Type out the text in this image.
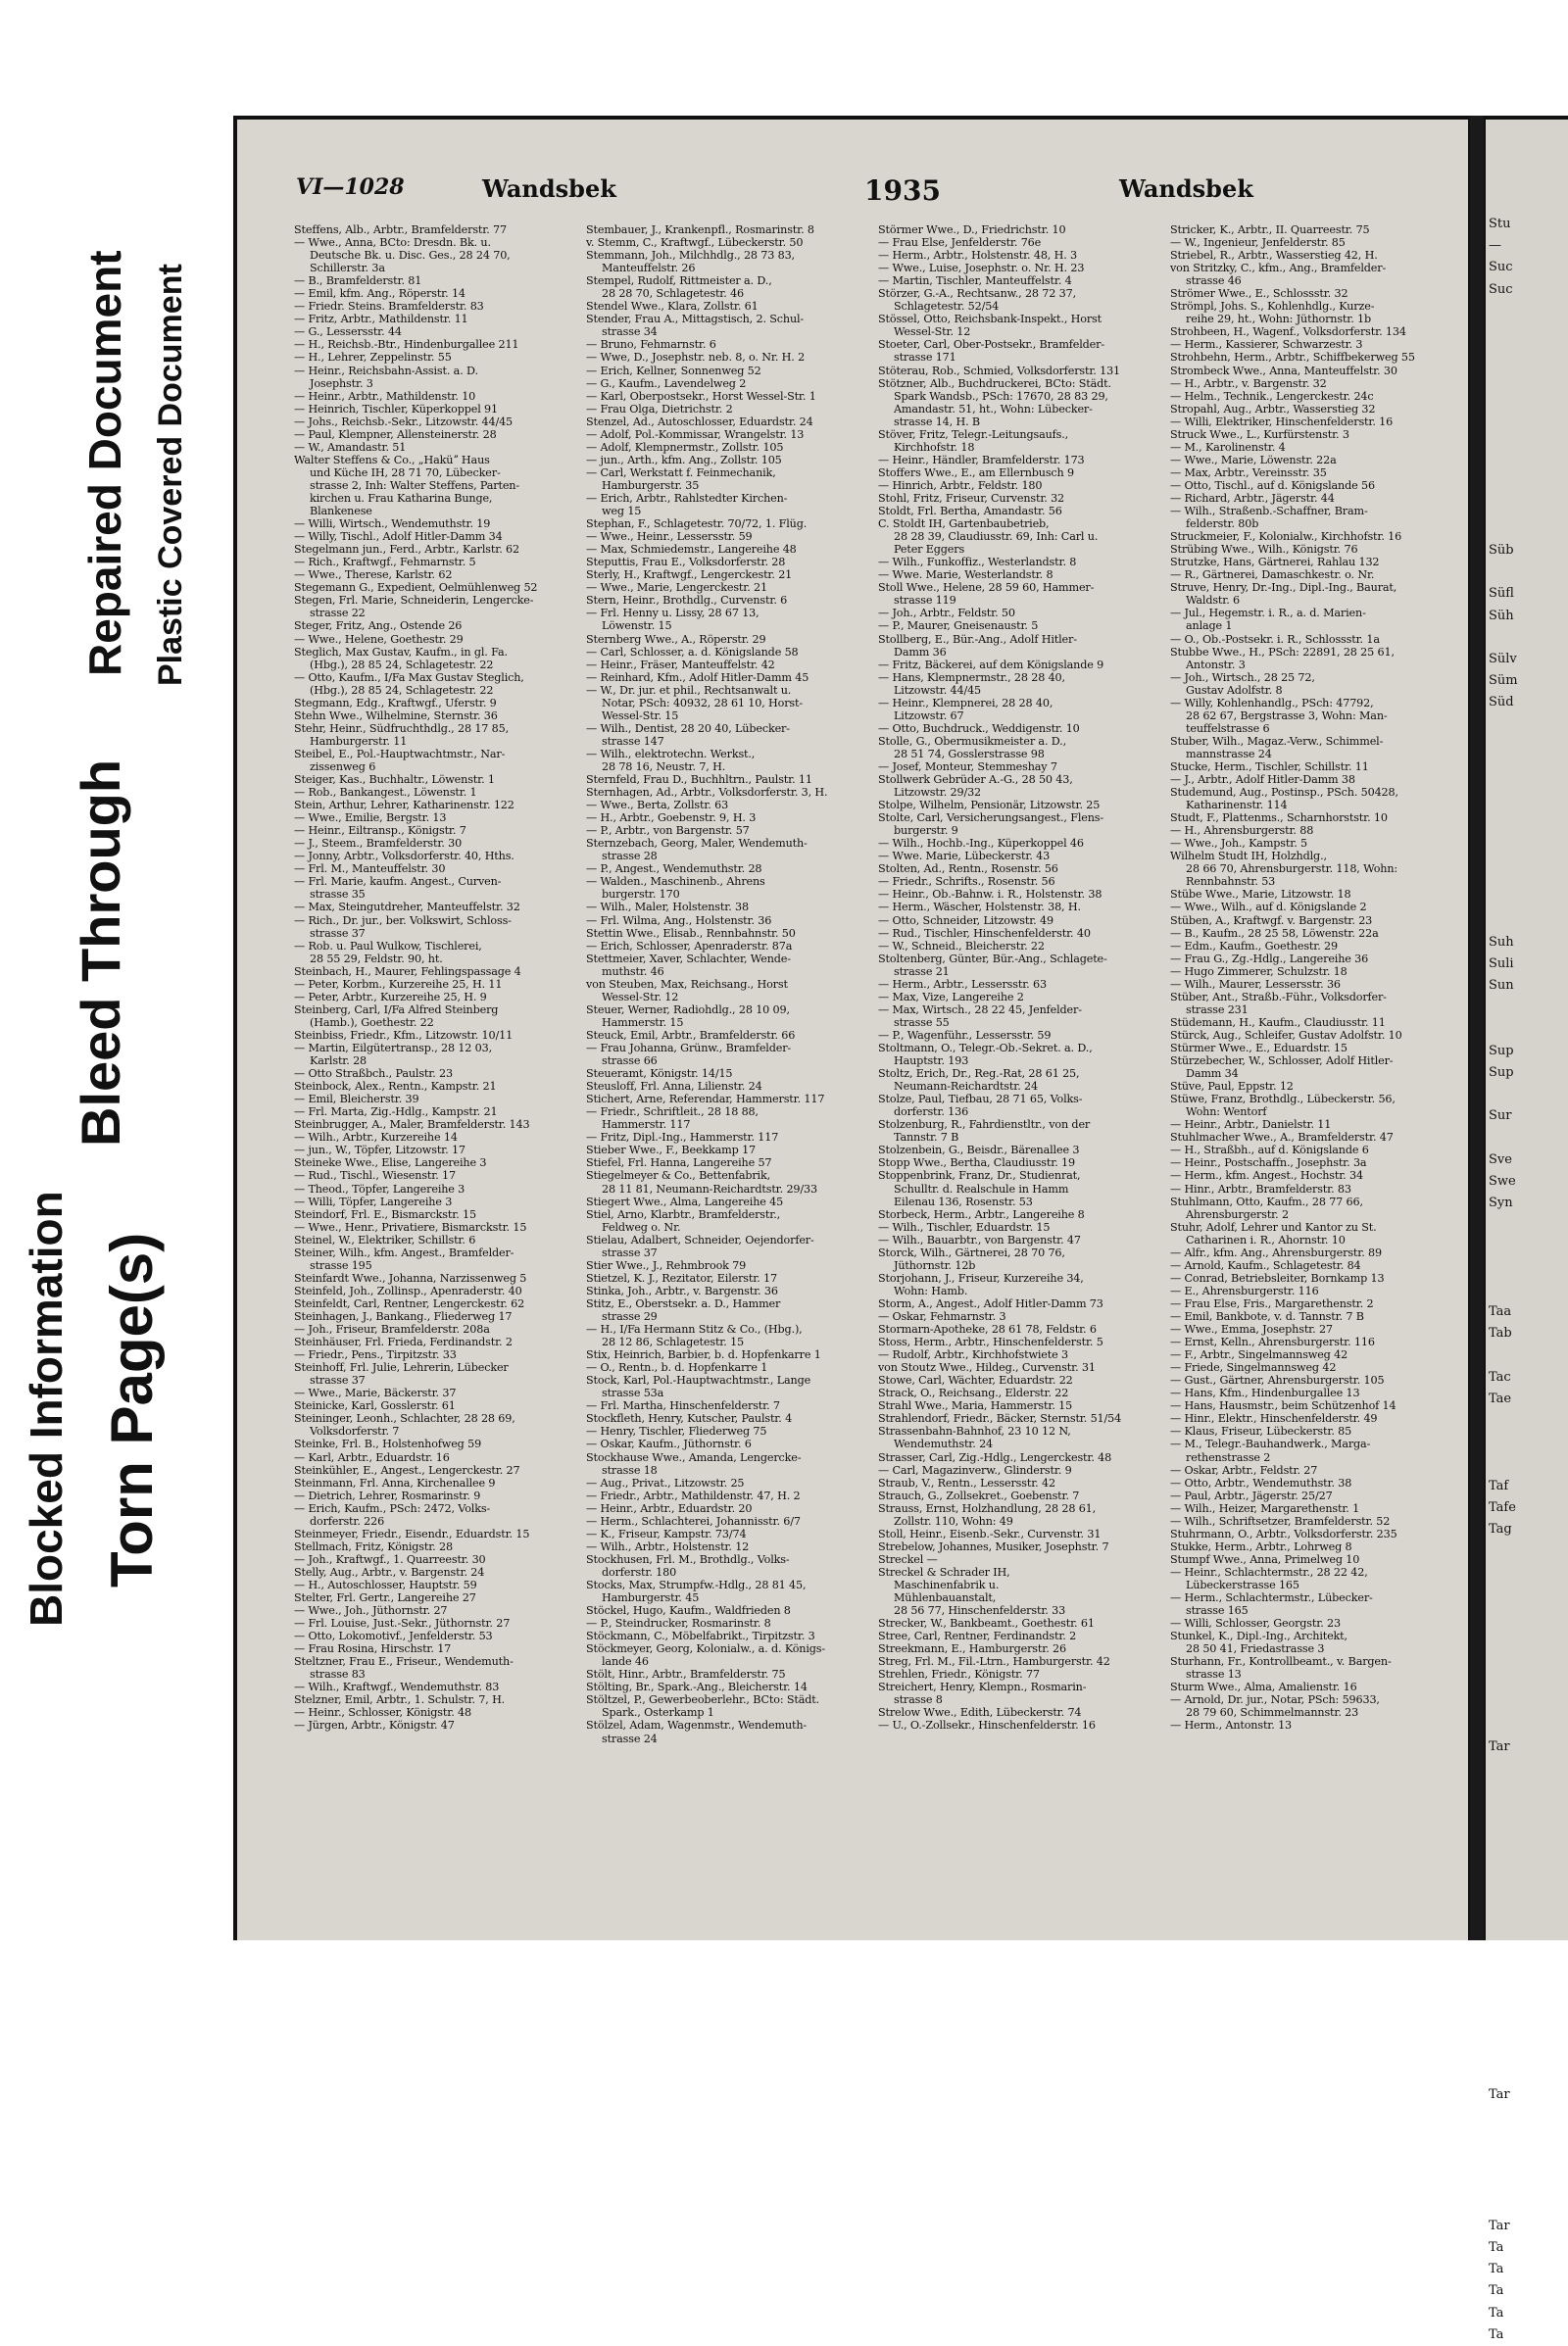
Blocked Information Torn Page(s)
Bleed Through
Repaired Document Plastic Covered Document
VI—1028	Wandsbek	1935	Wandsbek
Steffens, Alb., Arbtr., Bramfelderstr. 77
— Wwe., Anna, BCto: Dresdn. Bk. u.
Deutsche Bk. u. Disc. Ges., 28 24 70,
Schillerstr. 3a
— B., Bramfelderstr. 81
— Emil, kfm. Ang., Röperstr. 14
— Friedr. Steins. Bramfelderstr. 83
— Fritz, Arbtr., Mathildenstr. 11
— G., Lessersstr. 44
— H., Reichsb.-Btr., Hindenburgallee 211
— H., Lehrer, Zeppelinstr. 55
— Heinr., Reichsbahn-Assist. a. D.
Josephstr. 3
— Heinr., Arbtr., Mathildenstr. 10
— Heinrich, Tischler, Küperkoppel 91
— Johs., Reichsb.-Sekr., Litzowstr. 44/45
— Paul, Klempner, Allensteinerstr. 28
— W., Amandastr. 51
Walter Steffens & Co., „Haküˮ Haus
und Küche IH, 28 71 70, Lübecker-
strasse 2, Inh: Walter Steffens, Parten-
kirchen u. Frau Katharina Bunge,
Blankenese
— Willi, Wirtsch., Wendemuthstr. 19
— Willy, Tischl., Adolf Hitler-Damm 34
Stegelmann jun., Ferd., Arbtr., Karlstr. 62
— Rich., Kraftwgf., Fehmarnstr. 5
— Wwe., Therese, Karlstr. 62
Stegemann G., Expedient, Oelmühlenweg 52
Stegen, Frl. Marie, Schneiderin, Lengercke-
strasse 22
Steger, Fritz, Ang., Ostende 26
— Wwe., Helene, Goethestr. 29
Steglich, Max Gustav, Kaufm., in gl. Fa.
(Hbg.), 28 85 24, Schlagetestr. 22
— Otto, Kaufm., I/Fa Max Gustav Steglich,
(Hbg.), 28 85 24, Schlagetestr. 22
Stegmann, Edg., Kraftwgf., Uferstr. 9
Stehn Wwe., Wilhelmine, Sternstr. 36
Stehr, Heinr., Südfruchthdlg., 28 17 85,
Hamburgerstr. 11
Steibel, E., Pol.-Hauptwachtmstr., Nar-
zissenweg 6
Steiger, Kas., Buchhaltr., Löwenstr. 1
— Rob., Bankangest., Löwenstr. 1
Stein, Arthur, Lehrer, Katharinenstr. 122
— Wwe., Emilie, Bergstr. 13
— Heinr., Eiltransp., Königstr. 7
— J., Steem., Bramfelderstr. 30
— Jonny, Arbtr., Volksdorferstr. 40, Hths.
— Frl. M., Manteuffelstr. 30
— Frl. Marie, kaufm. Angest., Curven-
strasse 35
— Max, Steingutdreher, Manteuffelstr. 32
— Rich., Dr. jur., ber. Volkswirt, Schloss-
strasse 37
— Rob. u. Paul Wulkow, Tischlerei,
28 55 29, Feldstr. 90, ht.
Steinbach, H., Maurer, Fehlingspassage 4
— Peter, Korbm., Kurzereihe 25, H. 11
— Peter, Arbtr., Kurzereihe 25, H. 9
Steinberg, Carl, I/Fa Alfred Steinberg
(Hamb.), Goethestr. 22
Steinbiss, Friedr., Kfm., Litzowstr. 10/11
— Martin, Eilgütertransp., 28 12 03,
Karlstr. 28
— Otto Straßbch., Paulstr. 23
Steinbock, Alex., Rentn., Kampstr. 21
— Emil, Bleicherstr. 39
— Frl. Marta, Zig.-Hdlg., Kampstr. 21
Steinbrugger, A., Maler, Bramfelderstr. 143
— Wilh., Arbtr., Kurzereihe 14
— jun., W., Töpfer, Litzowstr. 17
Steineke Wwe., Elise, Langereihe 3
— Rud., Tischl., Wiesenstr. 17
— Theod., Töpfer, Langereihe 3
— Willi, Töpfer, Langereihe 3
Steindorf, Frl. E., Bismarckstr. 15
— Wwe., Henr., Privatiere, Bismarckstr. 15
Steinel, W., Elektriker, Schillstr. 6
Steiner, Wilh., kfm. Angest., Bramfelder-
strasse 195
Steinfardt Wwe., Johanna, Narzissenweg 5
Steinfeld, Joh., Zollinsp., Apenraderstr. 40
Steinfeldt, Carl, Rentner, Lengerckestr. 62
Steinhagen, J., Bankang., Fliederweg 17
— Joh., Friseur, Bramfelderstr. 208a
Steinhäuser, Frl. Frieda, Ferdinandstr. 2
— Friedr., Pens., Tirpitzstr. 33
Steinhoff, Frl. Julie, Lehrerin, Lübecker
strasse 37
— Wwe., Marie, Bäckerstr. 37
Steinicke, Karl, Gosslerstr. 61
Steininger, Leonh., Schlachter, 28 28 69,
Volksdorferstr. 7
Steinke, Frl. B., Holstenhofweg 59
— Karl, Arbtr., Eduardstr. 16
Steinkühler, E., Angest., Lengerckestr. 27
Steinmann, Frl. Anna, Kirchenallee 9
— Dietrich, Lehrer, Rosmarinstr. 9
— Erich, Kaufm., PSch: 2472, Volks-
dorferstr. 226
Steinmeyer, Friedr., Eisendr., Eduardstr. 15
Stellmach, Fritz, Königstr. 28
— Joh., Kraftwgf., 1. Quarreestr. 30
Stelly, Aug., Arbtr., v. Bargenstr. 24
— H., Autoschlosser, Hauptstr. 59
Stelter, Frl. Gertr., Langereihe 27
— Wwe., Joh., Jüthornstr. 27
— Frl. Louise, Just.-Sekr., Jüthornstr. 27
— Otto, Lokomotivf., Jenfelderstr. 53
— Frau Rosina, Hirschstr. 17
Steltzner, Frau E., Friseur., Wendemuth-
strasse 83
— Wilh., Kraftwgf., Wendemuthstr. 83
Stelzner, Emil, Arbtr., 1. Schulstr. 7, H.
— Heinr., Schlosser, Königstr. 48
— Jürgen, Arbtr., Königstr. 47
Stembauer, J., Krankenpfl., Rosmarinstr. 8
v. Stemm, C., Kraftwgf., Lübeckerstr. 50
Stemmann, Joh., Milchhdlg., 28 73 83,
Manteuffelstr. 26
Stempel, Rudolf, Rittmeister a. D.,
28 28 70, Schlagetestr. 46
Stendel Wwe., Klara, Zollstr. 61
Stender, Frau A., Mittagstisch, 2. Schul-
strasse 34
— Bruno, Fehmarnstr. 6
— Wwe, D., Josephstr. neb. 8, o. Nr. H. 2
— Erich, Kellner, Sonnenweg 52
— G., Kaufm., Lavendelweg 2
— Karl, Oberpostsekr., Horst Wessel-Str. 1
— Frau Olga, Dietrichstr. 2
Stenzel, Ad., Autoschlosser, Eduardstr. 24
— Adolf, Pol.-Kommissar, Wrangelstr. 13
— Adolf, Klempnermstr., Zollstr. 105
— jun., Arth., kfm. Ang., Zollstr. 105
— Carl, Werkstatt f. Feinmechanik,
Hamburgerstr. 35
— Erich, Arbtr., Rahlstedter Kirchen-
weg 15
Stephan, F., Schlagetestr. 70/72, 1. Flüg.
— Wwe., Heinr., Lessersstr. 59
— Max, Schmiedemstr., Langereihe 48
Steputtis, Frau E., Volksdorferstr. 28
Sterly, H., Kraftwgf., Lengerckestr. 21
— Wwe., Marie, Lengerckestr. 21
Stern, Heinr., Brothdlg., Curvenstr. 6
— Frl. Henny u. Lissy, 28 67 13,
Löwenstr. 15
Sternberg Wwe., A., Röperstr. 29
— Carl, Schlosser, a. d. Königslande 58
— Heinr., Fräser, Manteuffelstr. 42
— Reinhard, Kfm., Adolf Hitler-Damm 45
— W., Dr. jur. et phil., Rechtsanwalt u.
Notar, PSch: 40932, 28 61 10, Horst-
Wessel-Str. 15
— Wilh., Dentist, 28 20 40, Lübecker-
strasse 147
— Wilh., elektrotechn. Werkst.,
28 78 16, Neustr. 7, H.
Sternfeld, Frau D., Buchhltrn., Paulstr. 11
Sternhagen, Ad., Arbtr., Volksdorferstr. 3, H.
— Wwe., Berta, Zollstr. 63
— H., Arbtr., Goebenstr. 9, H. 3
— P., Arbtr., von Bargenstr. 57
Sternzebach, Georg, Maler, Wendemuth-
strasse 28
— P., Angest., Wendemuthstr. 28
— Walden., Maschinenb., Ahrens
burgerstr. 170
— Wilh., Maler, Holstenstr. 38
— Frl. Wilma, Ang., Holstenstr. 36
Stettin Wwe., Elisab., Rennbahnstr. 50
— Erich, Schlosser, Apenraderstr. 87a
Stettmeier, Xaver, Schlachter, Wende-
muthstr. 46
von Steuben, Max, Reichsang., Horst
Wessel-Str. 12
Steuer, Werner, Radiohdlg., 28 10 09,
Hammerstr. 15
Steuck, Emil, Arbtr., Bramfelderstr. 66
— Frau Johanna, Grünw., Bramfelder-
strasse 66
Steueramt, Königstr. 14/15
Steusloff, Frl. Anna, Lilienstr. 24
Stichert, Arne, Referendar, Hammerstr. 117
— Friedr., Schriftleit., 28 18 88,
Hammerstr. 117
— Fritz, Dipl.-Ing., Hammerstr. 117
Stieber Wwe., F., Beekkamp 17
Stiefel, Frl. Hanna, Langereihe 57
Stiegelmeyer & Co., Bettenfabrik,
28 11 81, Neumann-Reichardtstr. 29/33
Stiegert Wwe., Alma, Langereihe 45
Stiel, Arno, Klarbtr., Bramfelderstr.,
Feldweg o. Nr.
Stielau, Adalbert, Schneider, Oejendorfer-
strasse 37
Stier Wwe., J., Rehmbrook 79
Stietzel, K. J., Rezitator, Eilerstr. 17
Stinka, Joh., Arbtr., v. Bargenstr. 36
Stitz, E., Oberstsekr. a. D., Hammer
strasse 29
— H., I/Fa Hermann Stitz & Co., (Hbg.),
28 12 86, Schlagetestr. 15
Stix, Heinrich, Barbier, b. d. Hopfenkarre 1
— O., Rentn., b. d. Hopfenkarre 1
Stock, Karl, Pol.-Hauptwachtmstr., Lange
strasse 53a
— Frl. Martha, Hinschenfelderstr. 7
Stockfleth, Henry, Kutscher, Paulstr. 4
— Henry, Tischler, Fliederweg 75
— Oskar, Kaufm., Jüthornstr. 6
Stockhause Wwe., Amanda, Lengercke-
strasse 18
— Aug., Privat., Litzowstr. 25
— Friedr., Arbtr., Mathildenstr. 47, H. 2
— Heinr., Arbtr., Eduardstr. 20
— Herm., Schlachterei, Johannisstr. 6/7
— K., Friseur, Kampstr. 73/74
— Wilh., Arbtr., Holstenstr. 12
Stockhusen, Frl. M., Brothdlg., Volks-
dorferstr. 180
Stocks, Max, Strumpfw.-Hdlg., 28 81 45,
Hamburgerstr. 45
Stöckel, Hugo, Kaufm., Waldfrieden 8
— P., Steindrucker, Rosmarinstr. 8
Stöckmann, C., Möbelfabrikt., Tirpitzstr. 3
Stöckmeyer, Georg, Kolonialw., a. d. Königs-
lande 46
Stölt, Hinr., Arbtr., Bramfelderstr. 75
Stölting, Br., Spark.-Ang., Bleicherstr. 14
Stöltzel, P., Gewerbeoberlehr., BCto: Städt.
Spark., Osterkamp 1
Stölzel, Adam, Wagenmstr., Wendemuth-
strasse 24
Störmer Wwe., D., Friedrichstr. 10
— Frau Else, Jenfelderstr. 76e
— Herm., Arbtr., Holstenstr. 48, H. 3
— Wwe., Luise, Josephstr. o. Nr. H. 23
— Martin, Tischler, Manteuffelstr. 4
Störzer, G.-A., Rechtsanw., 28 72 37,
Schlagetestr. 52/54
Stössel, Otto, Reichsbank-Inspekt., Horst
Wessel-Str. 12
Stoeter, Carl, Ober-Postsekr., Bramfelder-
strasse 171
Stöterau, Rob., Schmied, Volksdorferstr. 131
Stötzner, Alb., Buchdruckerei, BCto: Städt.
Spark Wandsb., PSch: 17670, 28 83 29,
Amandastr. 51, ht., Wohn: Lübecker-
strasse 14, H. B
Stöver, Fritz, Telegr.-Leitungsaufs.,
Kirchhofstr. 18
— Heinr., Händler, Bramfelderstr. 173
Stoffers Wwe., E., am Ellernbusch 9
— Hinrich, Arbtr., Feldstr. 180
Stohl, Fritz, Friseur, Curvenstr. 32
Stoldt, Frl. Bertha, Amandastr. 56
C. Stoldt IH, Gartenbaubetrieb,
28 28 39, Claudiusstr. 69, Inh: Carl u.
Peter Eggers
— Wilh., Funkoffiz., Westerlandstr. 8
— Wwe. Marie, Westerlandstr. 8
Stoll Wwe., Helene, 28 59 60, Hammer-
strasse 119
— Joh., Arbtr., Feldstr. 50
— P., Maurer, Gneisenaustr. 5
Stollberg, E., Bür.-Ang., Adolf Hitler-
Damm 36
— Fritz, Bäckerei, auf dem Königslande 9
— Hans, Klempnermstr., 28 28 40,
Litzowstr. 44/45
— Heinr., Klempnerei, 28 28 40,
Litzowstr. 67
— Otto, Buchdruck., Weddigenstr. 10
Stolle, G., Obermusikmeister a. D.,
28 51 74, Gosslerstrasse 98
— Josef, Monteur, Stemmeshay 7
Stollwerk Gebrüder A.-G., 28 50 43,
Litzowstr. 29/32
Stolpe, Wilhelm, Pensionär, Litzowstr. 25
Stolte, Carl, Versicherungsangest., Flens-
burgerstr. 9
— Wilh., Hochb.-Ing., Küperkoppel 46
— Wwe. Marie, Lübeckerstr. 43
Stolten, Ad., Rentn., Rosenstr. 56
— Friedr., Schrifts., Rosenstr. 56
— Heinr., Ob.-Bahnw. i. R., Holstenstr. 38
— Herm., Wäscher, Holstenstr. 38, H.
— Otto, Schneider, Litzowstr. 49
— Rud., Tischler, Hinschenfelderstr. 40
— W., Schneid., Bleicherstr. 22
Stoltenberg, Günter, Bür.-Ang., Schlagete-
strasse 21
— Herm., Arbtr., Lessersstr. 63
— Max, Vize, Langereihe 2
— Max, Wirtsch., 28 22 45, Jenfelder-
strasse 55
— P., Wagenführ., Lessersstr. 59
Stoltmann, O., Telegr.-Ob.-Sekret. a. D.,
Hauptstr. 193
Stoltz, Erich, Dr., Reg.-Rat, 28 61 25,
Neumann-Reichardtstr. 24
Stolze, Paul, Tiefbau, 28 71 65, Volks-
dorferstr. 136
Stolzenburg, R., Fahrdienstltr., von der
Tannstr. 7 B
Stolzenbein, G., Beisdr., Bärenallee 3
Stopp Wwe., Bertha, Claudiusstr. 19
Stoppenbrink, Franz, Dr., Studienrat,
Schulltr. d. Realschule in Hamm
Eilenau 136, Rosenstr. 53
Storbeck, Herm., Arbtr., Langereihe 8
— Wilh., Tischler, Eduardstr. 15
— Wilh., Bauarbtr., von Bargenstr. 47
Storck, Wilh., Gärtnerei, 28 70 76,
Jüthornstr. 12b
Storjohann, J., Friseur, Kurzereihe 34,
Wohn: Hamb.
Storm, A., Angest., Adolf Hitler-Damm 73
— Oskar, Fehmarnstr. 3
Stormarn-Apotheke, 28 61 78, Feldstr. 6
Stoss, Herm., Arbtr., Hinschenfelderstr. 5
— Rudolf, Arbtr., Kirchhofstwiete 3
von Stoutz Wwe., Hildeg., Curvenstr. 31
Stowe, Carl, Wächter, Eduardstr. 22
Strack, O., Reichsang., Elderstr. 22
Strahl Wwe., Maria, Hammerstr. 15
Strahlendorf, Friedr., Bäcker, Sternstr. 51/54
Strassenbahn-Bahnhof, 23 10 12 N,
Wendemuthstr. 24
Strasser, Carl, Zig.-Hdlg., Lengerckestr. 48
— Carl, Magazinverw., Glinderstr. 9
Straub, V., Rentn., Lessersstr. 42
Strauch, G., Zollsekret., Goebenstr. 7
Strauss, Ernst, Holzhandlung, 28 28 61,
Zollstr. 110, Wohn: 49
Stoll, Heinr., Eisenb.-Sekr., Curvenstr. 31
Strebelow, Johannes, Musiker, Josephstr. 7
Streckel —
Streckel & Schrader IH,
Maschinenfabrik u.
Mühlenbauanstalt,
28 56 77, Hinschenfelderstr. 33
Strecker, W., Bankbeamt., Goethestr. 61
Stree, Carl, Rentner, Ferdinandstr. 2
Streekmann, E., Hamburgerstr. 26
Streg, Frl. M., Fil.-Ltrn., Hamburgerstr. 42
Strehlen, Friedr., Königstr. 77
Streichert, Henry, Klempn., Rosmarin-
strasse 8
Strelow Wwe., Edith, Lübeckerstr. 74
— U., O.-Zollsekr., Hinschenfelderstr. 16
Stricker, K., Arbtr., II. Quarreestr. 75
— W., Ingenieur, Jenfelderstr. 85
Striebel, R., Arbtr., Wasserstieg 42, H.
von Stritzky, C., kfm., Ang., Bramfelder-
strasse 46
Strömer Wwe., E., Schlossstr. 32
Strömpl, Johs. S., Kohlenhdlg., Kurze-
reihe 29, ht., Wohn: Jüthornstr. 1b
Strohbeen, H., Wagenf., Volksdorferstr. 134
— Herm., Kassierer, Schwarzestr. 3
Strohbehn, Herm., Arbtr., Schiffbekerweg 55
Strombeck Wwe., Anna, Manteuffelstr. 30
— H., Arbtr., v. Bargenstr. 32
— Helm., Technik., Lengerckestr. 24c
Stropahl, Aug., Arbtr., Wasserstieg 32
— Willi, Elektriker, Hinschenfelderstr. 16
Struck Wwe., L., Kurfürstenstr. 3
— M., Karolinenstr. 4
— Wwe., Marie, Löwenstr. 22a
— Max, Arbtr., Vereinsstr. 35
— Otto, Tischl., auf d. Königslande 56
— Richard, Arbtr., Jägerstr. 44
— Wilh., Straßenb.-Schaffner, Bram-
felderstr. 80b
Struckmeier, F., Kolonialw., Kirchhofstr. 16
Strübing Wwe., Wilh., Königstr. 76
Strutzke, Hans, Gärtnerei, Rahlau 132
— R., Gärtnerei, Damaschkestr. o. Nr.
Struve, Henry, Dr.-Ing., Dipl.-Ing., Baurat,
Waldstr. 6
— Jul., Hegemstr. i. R., a. d. Marien-
anlage 1
— O., Ob.-Postsekr. i. R., Schlossstr. 1a
Stubbe Wwe., H., PSch: 22891, 28 25 61,
Antonstr. 3
— Joh., Wirtsch., 28 25 72,
Gustav Adolfstr. 8
— Willy, Kohlenhandlg., PSch: 47792,
28 62 67, Bergstrasse 3, Wohn: Man-
teuffelstrasse 6
Stuber, Wilh., Magaz.-Verw., Schimmel-
mannstrasse 24
Stucke, Herm., Tischler, Schillstr. 11
— J., Arbtr., Adolf Hitler-Damm 38
Studemund, Aug., Postinsp., PSch. 50428,
Katharinenstr. 114
Studt, F., Plattenms., Scharnhorststr. 10
— H., Ahrensburgerstr. 88
— Wwe., Joh., Kampstr. 5
Wilhelm Studt IH, Holzhdlg.,
28 66 70, Ahrensburgerstr. 118, Wohn:
Rennbahnstr. 53
Stübe Wwe., Marie, Litzowstr. 18
— Wwe., Wilh., auf d. Königslande 2
Stüben, A., Kraftwgf. v. Bargenstr. 23
— B., Kaufm., 28 25 58, Löwenstr. 22a
— Edm., Kaufm., Goethestr. 29
— Frau G., Zg.-Hdlg., Langereihe 36
— Hugo Zimmerer, Schulzstr. 18
— Wilh., Maurer, Lessersstr. 36
Stüber, Ant., Straßb.-Führ., Volksdorfer-
strasse 231
Stüdemann, H., Kaufm., Claudiusstr. 11
Stürck, Aug., Schleifer, Gustav Adolfstr. 10
Stürmer Wwe., E., Eduardstr. 15
Stürzebecher, W., Schlosser, Adolf Hitler-
Damm 34
Stüve, Paul, Eppstr. 12
Stüwe, Franz, Brothdlg., Lübeckerstr. 56,
Wohn: Wentorf
— Heinr., Arbtr., Danielstr. 11
Stuhlmacher Wwe., A., Bramfelderstr. 47
— H., Straßbh., auf d. Königslande 6
— Heinr., Postschaffn., Josephstr. 3a
— Herm., kfm. Angest., Hochstr. 34
— Hinr., Arbtr., Bramfelderstr. 83
Stuhlmann, Otto, Kaufm., 28 77 66,
Ahrensburgerstr. 2
Stuhr, Adolf, Lehrer und Kantor zu St.
Catharinen i. R., Ahornstr. 10
— Alfr., kfm. Ang., Ahrensburgerstr. 89
— Arnold, Kaufm., Schlagetestr. 84
— Conrad, Betriebsleiter, Bornkamp 13
— E., Ahrensburgerstr. 116
— Frau Else, Fris., Margarethenstr. 2
— Emil, Bankbote, v. d. Tannstr. 7 B
— Wwe., Emma, Josephstr. 27
— Ernst, Kelln., Ahrensburgerstr. 116
— F., Arbtr., Singelmannsweg 42
— Friede, Singelmannsweg 42
— Gust., Gärtner, Ahrensburgerstr. 105
— Hans, Kfm., Hindenburgallee 13
— Hans, Hausmstr., beim Schützenhof 14
— Hinr., Elektr., Hinschenfelderstr. 49
— Klaus, Friseur, Lübeckerstr. 85
— M., Telegr.-Bauhandwerk., Marga-
rethenstrasse 2
— Oskar, Arbtr., Feldstr. 27
— Otto, Arbtr., Wendemuthstr. 38
— Paul, Arbtr., Jägerstr. 25/27
— Wilh., Heizer, Margarethenstr. 1
— Wilh., Schriftsetzer, Bramfelderstr. 52
Stuhrmann, O., Arbtr., Volksdorferstr. 235
Stukke, Herm., Arbtr., Lohrweg 8
Stumpf Wwe., Anna, Primelweg 10
— Heinr., Schlachtermstr., 28 22 42,
Lübeckerstrasse 165
— Herm., Schlachtermstr., Lübecker-
strasse 165
— Willi, Schlosser, Georgstr. 23
Stunkel, K., Dipl.-Ing., Architekt,
28 50 41, Friedastrasse 3
Sturhann, Fr., Kontrollbeamt., v. Bargen-
strasse 13
Sturm Wwe., Alma, Amalienstr. 16
— Arnold, Dr. jur., Notar, PSch: 59633,
28 79 60, Schimmelmannstr. 23
— Herm., Antonstr. 13
Stu
—
Suc
Suc

Süb

Süfl
Süh

Sülv
Süm
Süd

Suh
Suli
Sun

Sup
Sup

Sur

Sve
Swe
Syn

Taa
Tab

Tac
Tae

Taf
Tafe
Tag

Tar

Tar

Tar
Ta
Ta
Ta
Ta
Ta
